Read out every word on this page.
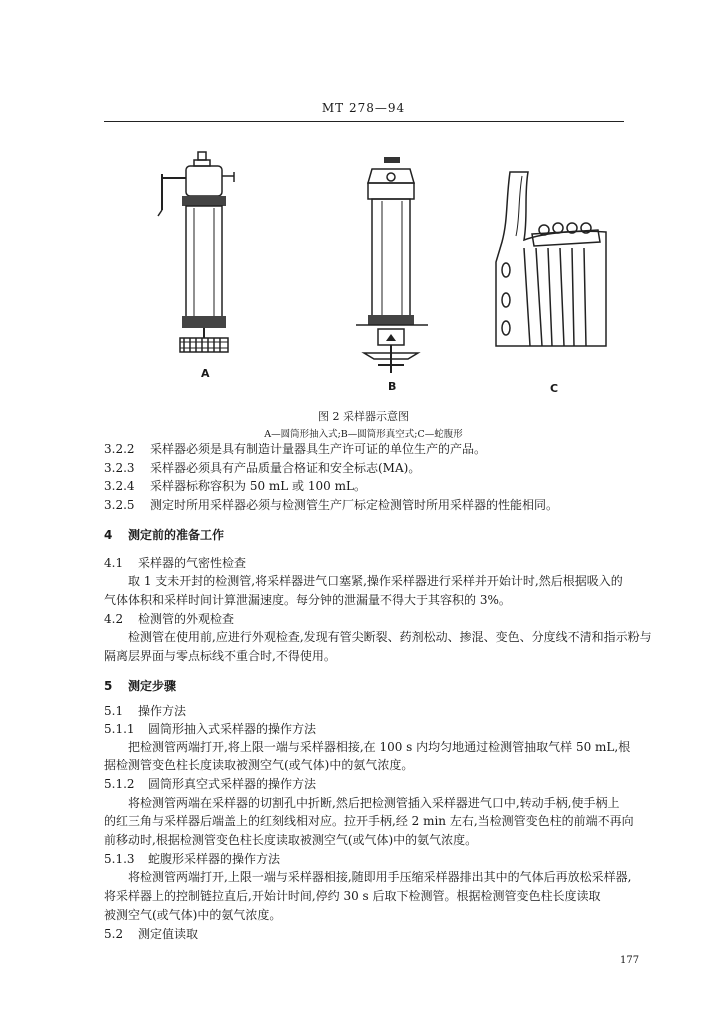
MT 278—94
A
B	C
图 2 采样器示意图
A—圆筒形抽入式;B—圆筒形真空式;C—蛇腹形
3.2.2 采样器必须是具有制造计量器具生产许可证的单位生产的产品。
3.2.3 采样器必须具有产品质量合格证和安全标志(MA)。
3.2.4 采样器标称容积为 50 mL 或 100 mL。
3.2.5 测定时所用采样器必须与检测管生产厂标定检测管时所用采样器的性能相同。
4 测定前的准备工作
4.1 采样器的气密性检查
取 1 支未开封的检测管,将采样器进气口塞紧,操作采样器进行采样并开始计时,然后根据吸入的
气体体积和采样时间计算泄漏速度。每分钟的泄漏量不得大于其容积的 3%。
4.2 检测管的外观检查
检测管在使用前,应进行外观检查,发现有管尖断裂、药剂松动、掺混、变色、分度线不清和指示粉与
隔离层界面与零点标线不重合时,不得使用。
5 测定步骤
5.1 操作方法
5.1.1 圆筒形抽入式采样器的操作方法
把检测管两端打开,将上限一端与采样器相接,在 100 s 内均匀地通过检测管抽取气样 50 mL,根
据检测管变色柱长度读取被测空气(或气体)中的氨气浓度。
5.1.2 圆筒形真空式采样器的操作方法
将检测管两端在采样器的切割孔中折断,然后把检测管插入采样器进气口中,转动手柄,使手柄上
的红三角与采样器后端盖上的红刻线相对应。拉开手柄,经 2 min 左右,当检测管变色柱的前端不再向
前移动时,根据检测管变色柱长度读取被测空气(或气体)中的氨气浓度。
5.1.3 蛇腹形采样器的操作方法
将检测管两端打开,上限一端与采样器相接,随即用手压缩采样器排出其中的气体后再放松采样器,
将采样器上的控制链拉直后,开始计时间,停约 30 s 后取下检测管。根据检测管变色柱长度读取
被测空气(或气体)中的氨气浓度。
5.2 测定值读取
177
